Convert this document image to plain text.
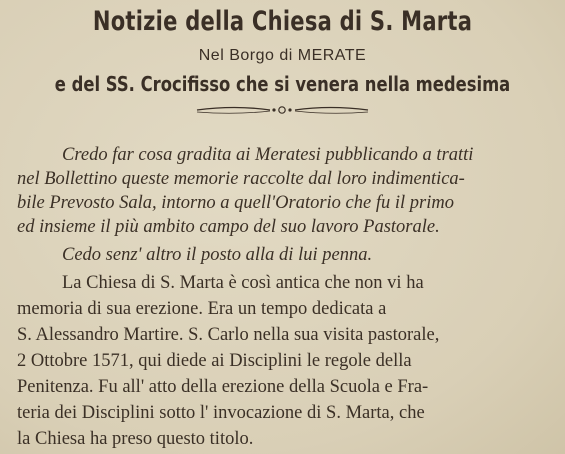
Notizie della Chiesa di S. Marta
Nel Borgo di MERATE
e del SS. Crocifisso che si venera nella medesima
Credo far cosa gradita ai Meratesi pubblicando a tratti
nel Bollettino queste memorie raccolte dal loro indimentica-
bile Prevosto Sala, intorno a quell'Oratorio che fu il primo
ed insieme il più ambito campo del suo lavoro Pastorale.
Cedo senz' altro il posto alla di lui penna.
La Chiesa di S. Marta è così antica che non vi ha
memoria di sua erezione. Era un tempo dedicata a
S. Alessandro Martire. S. Carlo nella sua visita pastorale,
2 Ottobre 1571, qui diede ai Disciplini le regole della
Penitenza. Fu all' atto della erezione della Scuola e Fra-
teria dei Disciplini sotto l' invocazione di S. Marta, che
la Chiesa ha preso questo titolo.
